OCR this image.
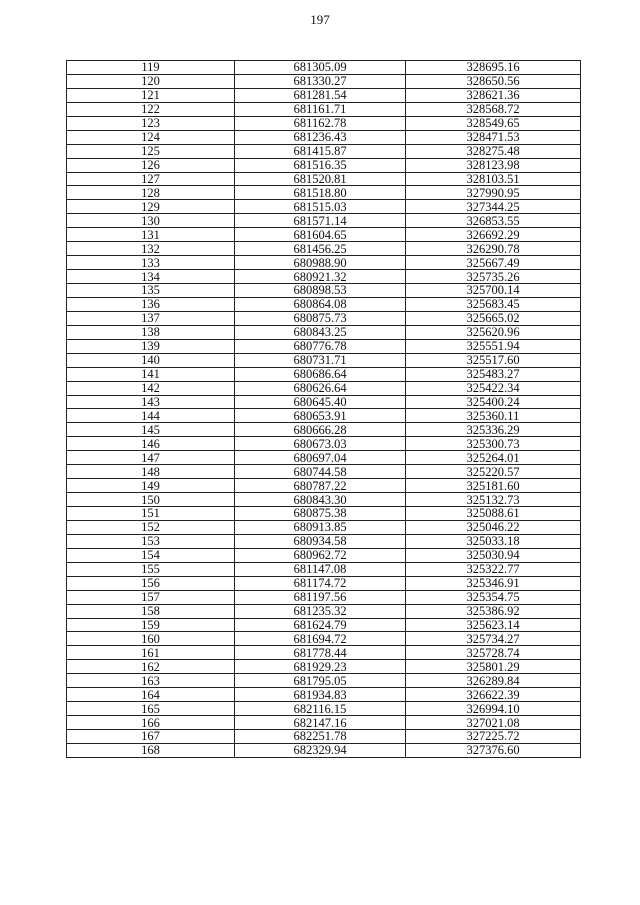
197
119	681305.09	328695.16
120	681330.27	328650.56
121	681281.54	328621.36
122	681161.71	328568.72
123	681162.78	328549.65
124	681236.43	328471.53
125	681415.87	328275.48
126	681516.35	328123.98
127	681520.81	328103.51
128	681518.80	327990.95
129	681515.03	327344.25
130	681571.14	326853.55
131	681604.65	326692.29
132	681456.25	326290.78
133	680988.90	325667.49
134	680921.32	325735.26
135	680898.53	325700.14
136	680864.08	325683.45
137	680875.73	325665.02
138	680843.25	325620.96
139	680776.78	325551.94
140	680731.71	325517.60
141	680686.64	325483.27
142	680626.64	325422.34
143	680645.40	325400.24
144	680653.91	325360.11
145	680666.28	325336.29
146	680673.03	325300.73
147	680697.04	325264.01
148	680744.58	325220.57
149	680787.22	325181.60
150	680843.30	325132.73
151	680875.38	325088.61
152	680913.85	325046.22
153	680934.58	325033.18
154	680962.72	325030.94
155	681147.08	325322.77
156	681174.72	325346.91
157	681197.56	325354.75
158	681235.32	325386.92
159	681624.79	325623.14
160	681694.72	325734.27
161	681778.44	325728.74
162	681929.23	325801.29
163	681795.05	326289.84
164	681934.83	326622.39
165	682116.15	326994.10
166	682147.16	327021.08
167	682251.78	327225.72
168	682329.94	327376.60
